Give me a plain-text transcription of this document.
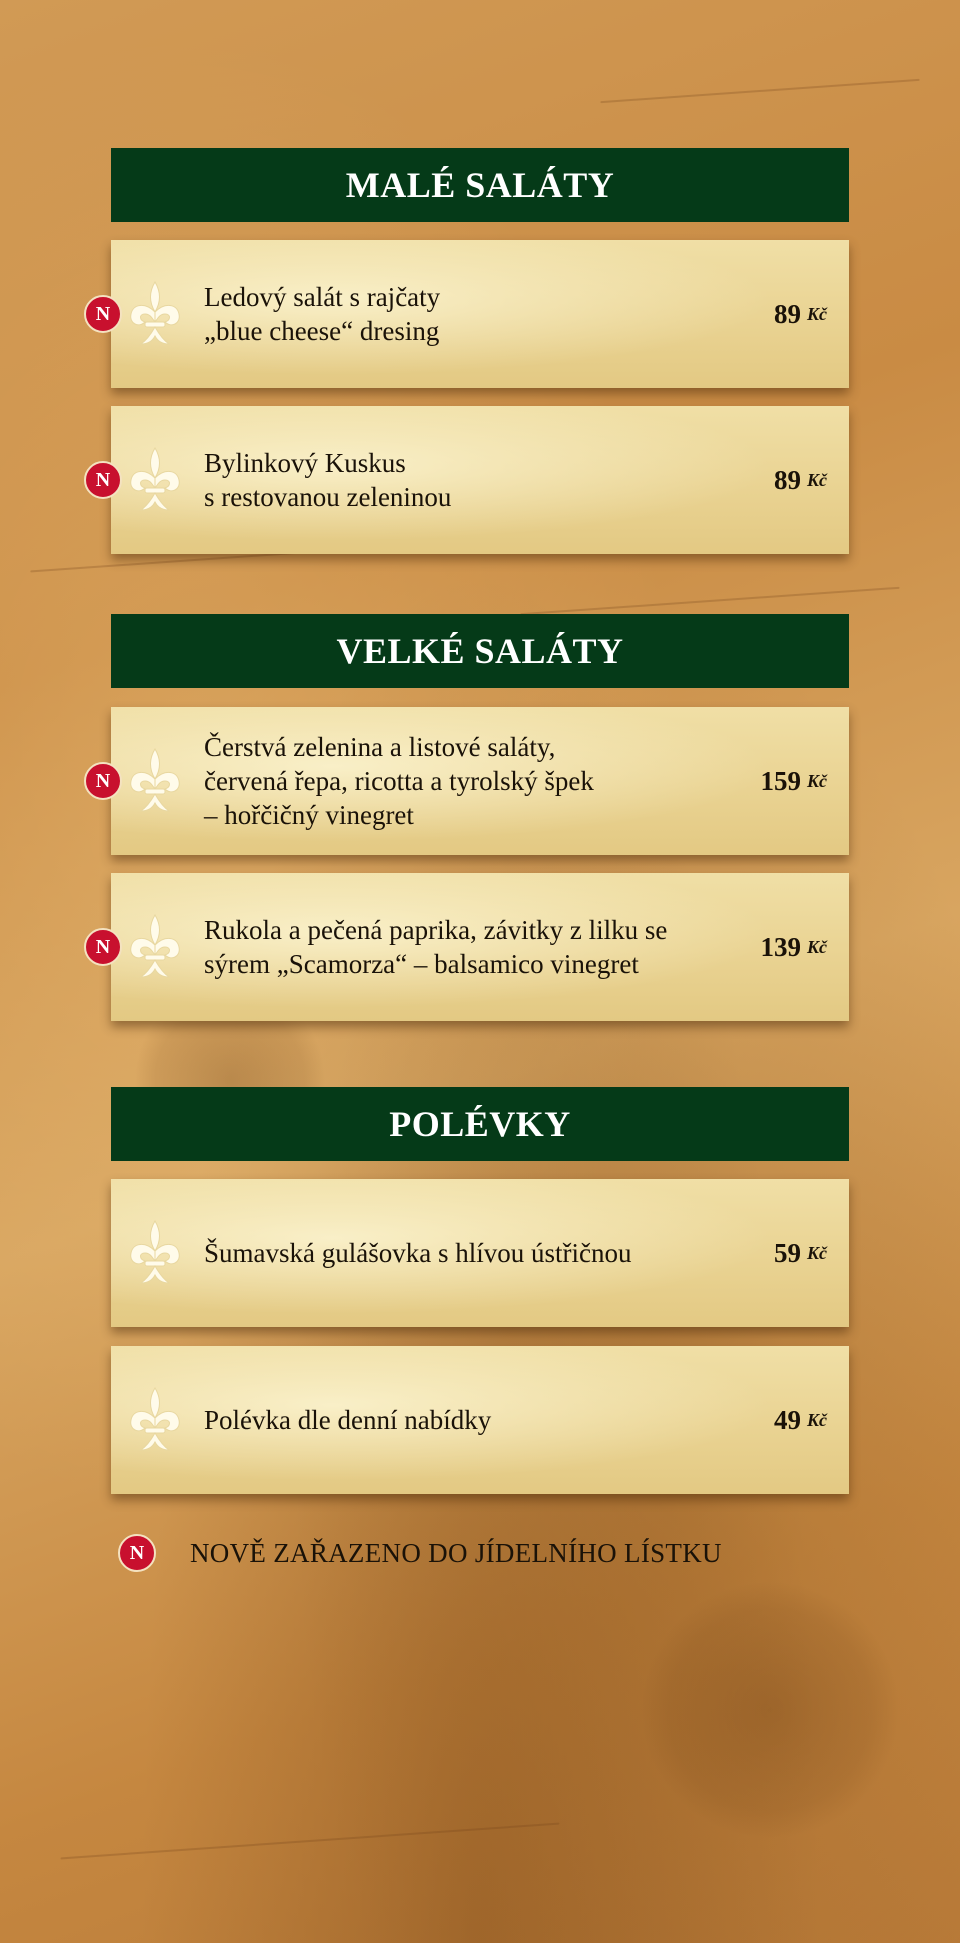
MALÉ SALÁTY
N
Ledový salát s rajčaty
„blue cheese“ dresing
89 Kč
N
Bylinkový Kuskus
s restovanou zeleninou
89 Kč
VELKÉ SALÁTY
N
Čerstvá zelenina a listové saláty,
červená řepa, ricotta a tyrolský špek
– hořčičný vinegret
159 Kč
N
Rukola a pečená paprika, závitky z lilku se
sýrem „Scamorza“ – balsamico vinegret
139 Kč
POLÉVKY
Šumavská gulášovka s hlívou ústřičnou	59 Kč
Polévka dle denní nabídky	49 Kč
N	NOVĚ ZAŘAZENO DO JÍDELNÍHO LÍSTKU
